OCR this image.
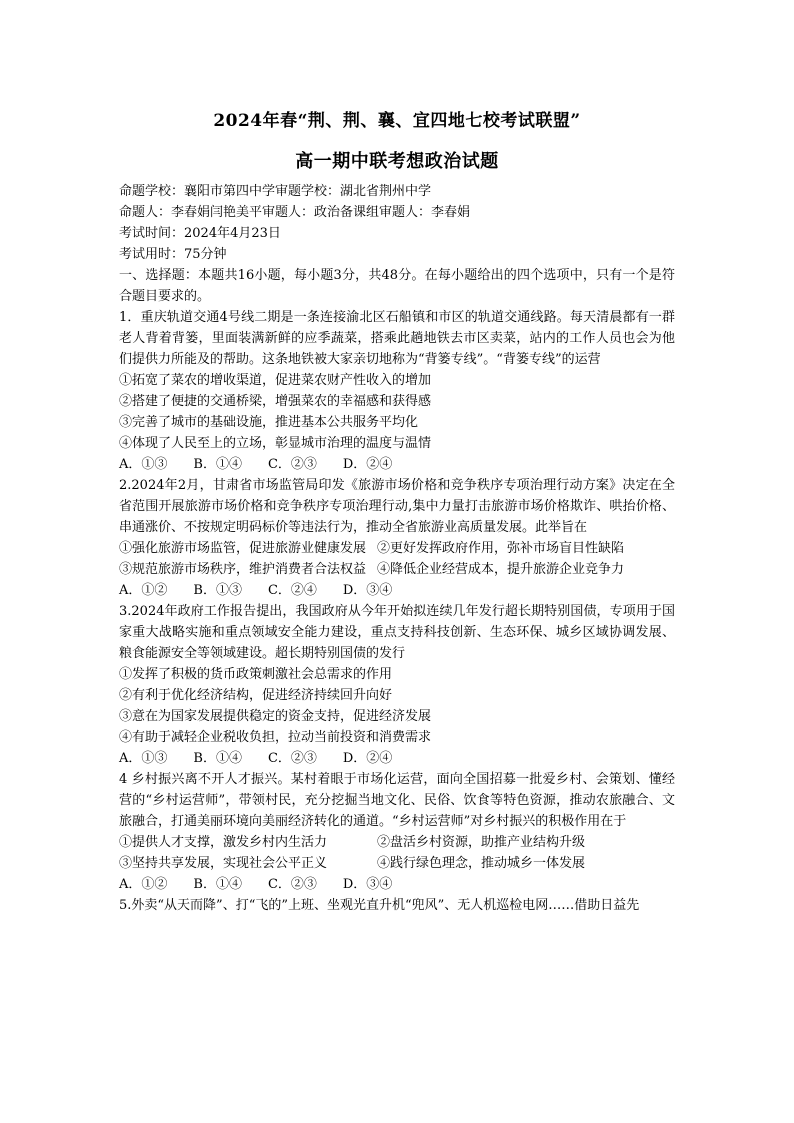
2024年春“荆、荆、襄、宜四地七校考试联盟”
高一期中联考想政治试题

命题学校：襄阳市第四中学审题学校：湖北省荆州中学

命题人：李春娟闫艳美平审题人：政治备课组审题人：李春娟

考试时间：2024年4月23日

考试用时：75分钟

一、选择题：本题共16小题，每小题3分，共48分。在每小题给出的四个选项中，只有一个是符合题目要求的。

1．重庆轨道交通4号线二期是一条连接渝北区石船镇和市区的轨道交通线路。每天清晨都有一群老人背着背篓，里面装满新鲜的应季蔬菜，搭乘此趟地铁去市区卖菜，站内的工作人员也会为他们提供力所能及的帮助。这条地铁被大家亲切地称为“背篓专线”。“背篓专线”的运营

①拓宽了菜农的增收渠道，促进菜农财产性收入的增加

②搭建了便捷的交通桥梁，增强菜农的幸福感和获得感

③完善了城市的基础设施，推进基本公共服务平均化

④体现了人民至上的立场，彰显城市治理的温度与温情

A．①③　　B．①④　　C．②③　　D．②④

2.2024年2月，甘肃省市场监管局印发《旅游市场价格和竞争秩序专项治理行动方案》决定在全省范围开展旅游市场价格和竞争秩序专项治理行动,集中力量打击旅游市场价格欺诈、哄抬价格、串通涨价、不按规定明码标价等违法行为，推动全省旅游业高质量发展。此举旨在

①强化旅游市场监管，促进旅游业健康发展 ②更好发挥政府作用，弥补市场盲目性缺陷

③规范旅游市场秩序，维护消费者合法权益 ④降低企业经营成本，提升旅游企业竞争力

A．①②　　B．①③　　C．②④　　D．③④

3.2024年政府工作报告提出，我国政府从今年开始拟连续几年发行超长期特别国债，专项用于国家重大战略实施和重点领域安全能力建设，重点支持科技创新、生态环保、城乡区域协调发展、粮食能源安全等领域建设。超长期特别国债的发行

①发挥了积极的货币政策刺激社会总需求的作用

②有利于优化经济结构，促进经济持续回升向好

③意在为国家发展提供稳定的资金支持，促进经济发展

④有助于减轻企业税收负担，拉动当前投资和消费需求

A．①③　　B．①④　　C．②③　　D．②④

4 乡村振兴离不开人才振兴。某村着眼于市场化运营，面向全国招募一批爱乡村、会策划、懂经营的“乡村运营师”，带领村民，充分挖掘当地文化、民俗、饮食等特色资源，推动农旅融合、文旅融合，打通美丽环境向美丽经济转化的通道。“乡村运营师”对乡村振兴的积极作用在于

①提供人才支撑，激发乡村内生活力	②盘活乡村资源，助推产业结构升级

③坚持共享发展，实现社会公平正义	④践行绿色理念，推动城乡一体发展

A．①②　　B．①④　　C．②③　　D．③④

5.外卖“从天而降”、打“飞的”上班、坐观光直升机“兜风”、无人机巡检电网……借助日益先
